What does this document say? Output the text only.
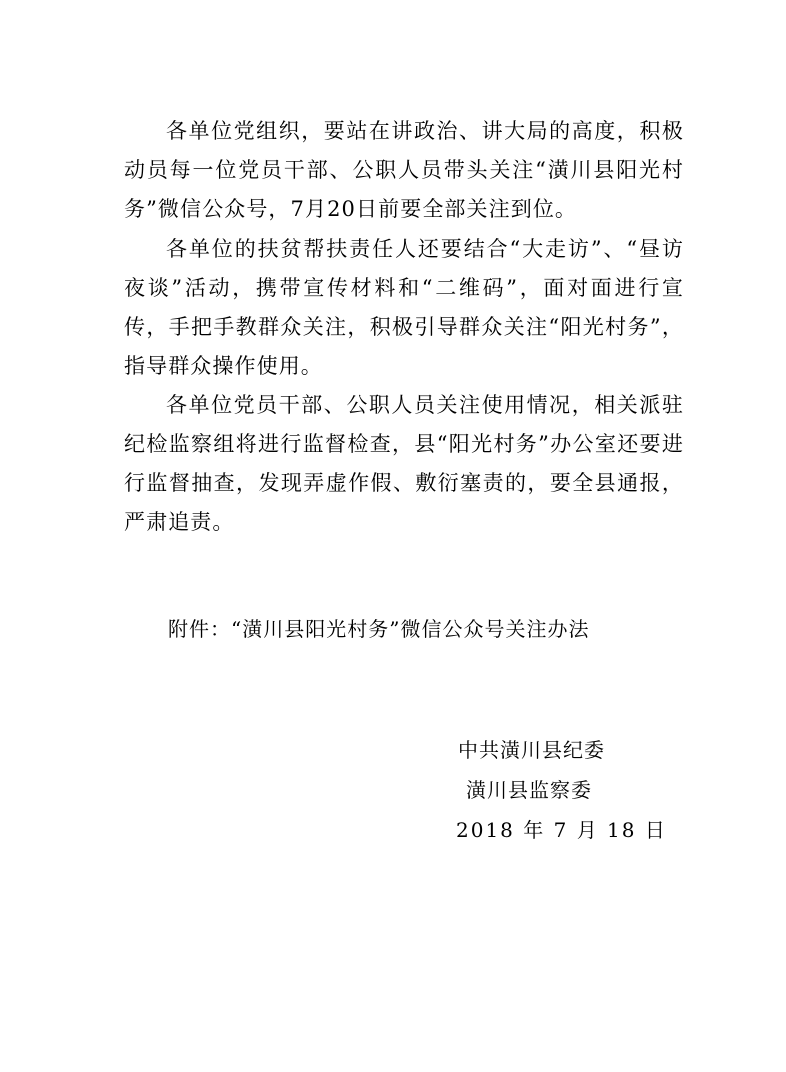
各单位党组织，要站在讲政治、讲大局的高度，积极动员每一位党员干部、公职人员带头关注“潢川县阳光村务”微信公众号，7月20日前要全部关注到位。

各单位的扶贫帮扶责任人还要结合“大走访”、“昼访夜谈”活动，携带宣传材料和“二维码”，面对面进行宣传，手把手教群众关注，积极引导群众关注“阳光村务”，指导群众操作使用。

各单位党员干部、公职人员关注使用情况，相关派驻纪检监察组将进行监督检查，县“阳光村务”办公室还要进行监督抽查，发现弄虚作假、敷衍塞责的，要全县通报，严肃追责。

附件：“潢川县阳光村务”微信公众号关注办法
中共潢川县纪委
潢川县监察委
2018 年 7 月 18 日
